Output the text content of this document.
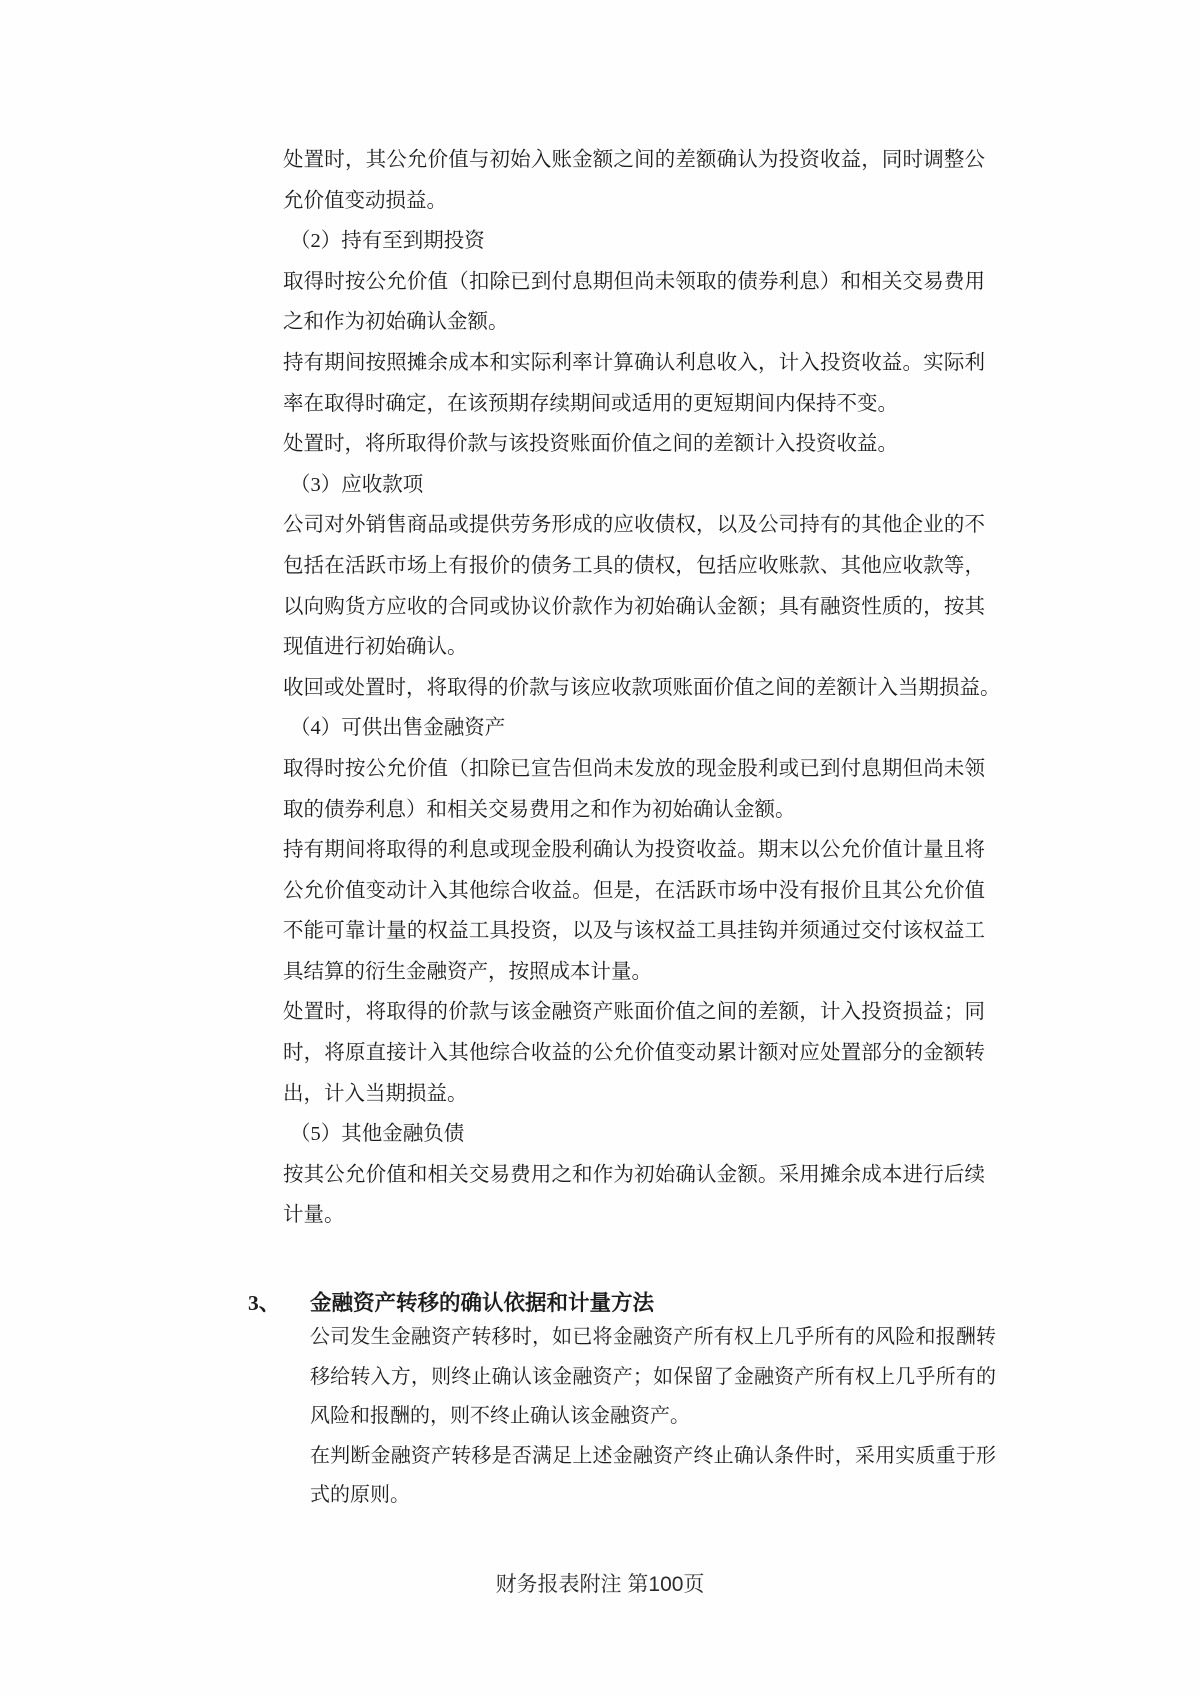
处置时，其公允价值与初始入账金额之间的差额确认为投资收益，同时调整公
允价值变动损益。
（2）持有至到期投资
取得时按公允价值（扣除已到付息期但尚未领取的债券利息）和相关交易费用
之和作为初始确认金额。
持有期间按照摊余成本和实际利率计算确认利息收入，计入投资收益。实际利
率在取得时确定，在该预期存续期间或适用的更短期间内保持不变。
处置时，将所取得价款与该投资账面价值之间的差额计入投资收益。
（3）应收款项
公司对外销售商品或提供劳务形成的应收债权，以及公司持有的其他企业的不
包括在活跃市场上有报价的债务工具的债权，包括应收账款、其他应收款等，
以向购货方应收的合同或协议价款作为初始确认金额；具有融资性质的，按其
现值进行初始确认。
收回或处置时，将取得的价款与该应收款项账面价值之间的差额计入当期损益。
（4）可供出售金融资产
取得时按公允价值（扣除已宣告但尚未发放的现金股利或已到付息期但尚未领
取的债券利息）和相关交易费用之和作为初始确认金额。
持有期间将取得的利息或现金股利确认为投资收益。期末以公允价值计量且将
公允价值变动计入其他综合收益。但是，在活跃市场中没有报价且其公允价值
不能可靠计量的权益工具投资，以及与该权益工具挂钩并须通过交付该权益工
具结算的衍生金融资产，按照成本计量。
处置时，将取得的价款与该金融资产账面价值之间的差额，计入投资损益；同
时，将原直接计入其他综合收益的公允价值变动累计额对应处置部分的金额转
出，计入当期损益。
（5）其他金融负债
按其公允价值和相关交易费用之和作为初始确认金额。采用摊余成本进行后续
计量。
3、 金融资产转移的确认依据和计量方法
公司发生金融资产转移时，如已将金融资产所有权上几乎所有的风险和报酬转
移给转入方，则终止确认该金融资产；如保留了金融资产所有权上几乎所有的
风险和报酬的，则不终止确认该金融资产。
在判断金融资产转移是否满足上述金融资产终止确认条件时，采用实质重于形
式的原则。
财务报表附注 第100页
